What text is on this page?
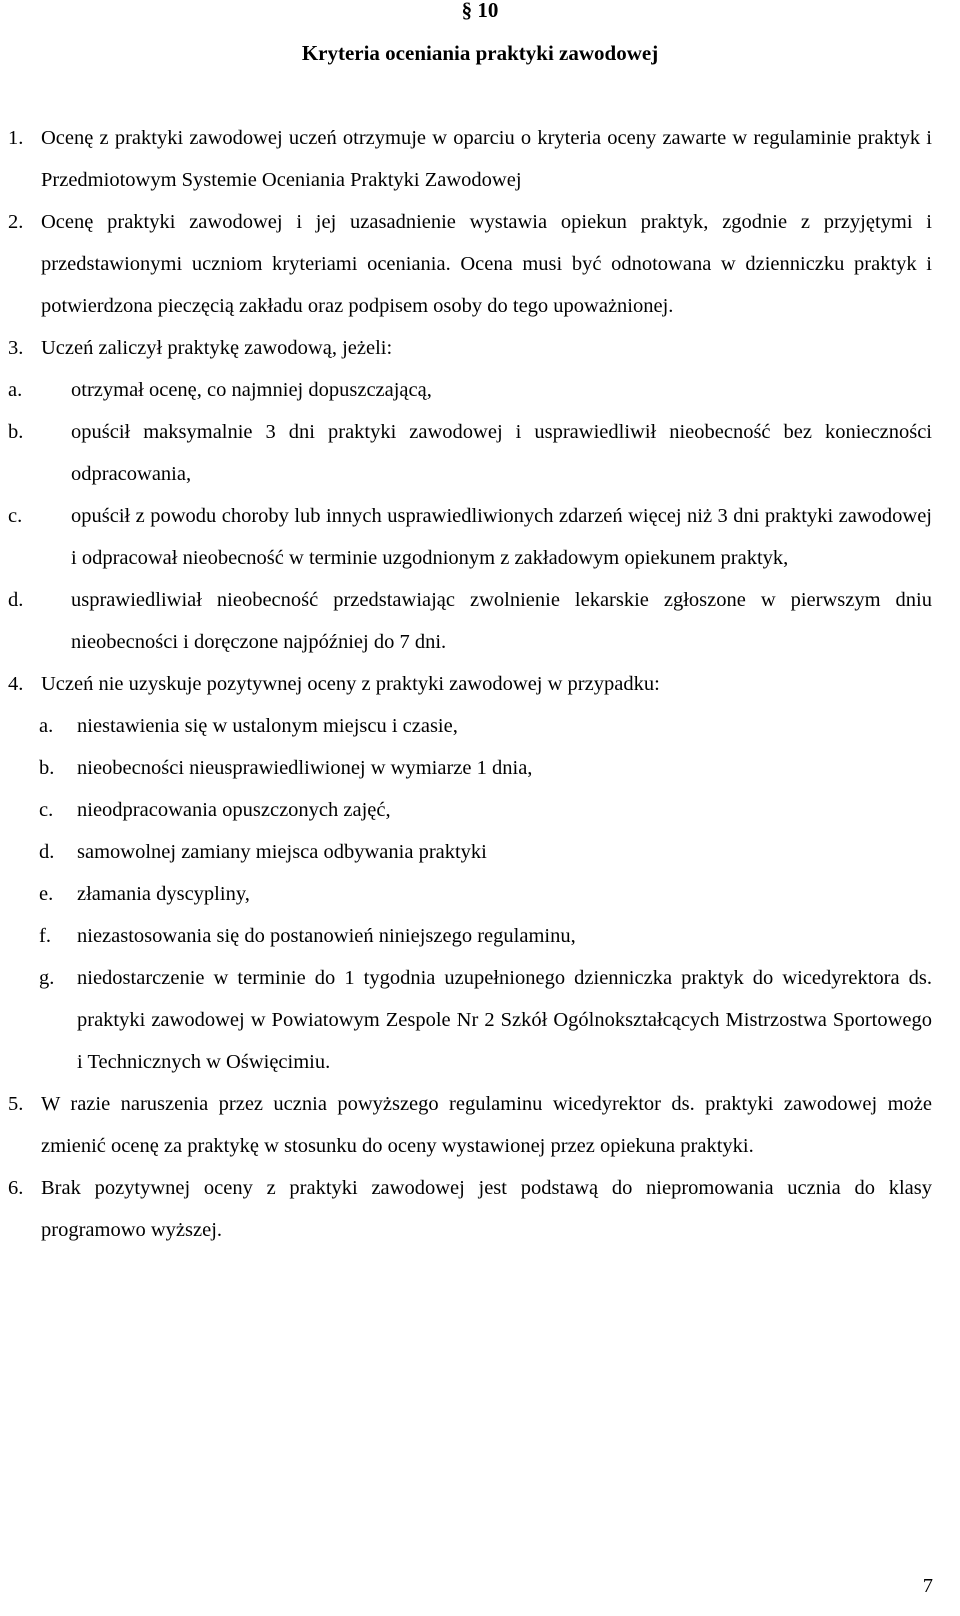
§ 10
Kryteria oceniania praktyki zawodowej
1. Ocenę z praktyki zawodowej uczeń otrzymuje w oparciu o kryteria oceny zawarte w regulaminie praktyk i Przedmiotowym Systemie Oceniania Praktyki Zawodowej
2. Ocenę praktyki zawodowej i jej uzasadnienie wystawia opiekun praktyk, zgodnie z przyjętymi i przedstawionymi uczniom kryteriami oceniania. Ocena musi być odnotowana w dzienniczku praktyk i potwierdzona pieczęcią zakładu oraz podpisem osoby do tego upoważnionej.
3. Uczeń zaliczył praktykę zawodową, jeżeli:
a. otrzymał ocenę, co najmniej dopuszczającą,
b. opuścił maksymalnie 3 dni praktyki zawodowej i usprawiedliwił nieobecność bez konieczności odpracowania,
c. opuścił z powodu choroby lub innych usprawiedliwionych zdarzeń więcej niż 3 dni praktyki zawodowej i odpracował nieobecność w terminie uzgodnionym z zakładowym opiekunem praktyk,
d. usprawiedliwiał nieobecność przedstawiając zwolnienie lekarskie zgłoszone w pierwszym dniu nieobecności i doręczone najpóźniej do 7 dni.
4. Uczeń nie uzyskuje pozytywnej oceny z praktyki zawodowej w przypadku:
a. niestawienia się w ustalonym miejscu i czasie,
b. nieobecności nieusprawiedliwionej w wymiarze 1 dnia,
c. nieodpracowania opuszczonych zajęć,
d. samowolnej zamiany miejsca odbywania praktyki
e. złamania dyscypliny,
f. niezastosowania się do postanowień niniejszego regulaminu,
g. niedostarczenie w terminie do 1 tygodnia uzupełnionego dzienniczka praktyk do wicedyrektora ds. praktyki zawodowej w Powiatowym Zespole Nr 2 Szkół Ogólnokształcących Mistrzostwa Sportowego i Technicznych w Oświęcimiu.
5. W razie naruszenia przez ucznia powyższego regulaminu wicedyrektor ds. praktyki zawodowej może zmienić ocenę za praktykę w stosunku do oceny wystawionej przez opiekuna praktyki.
6. Brak pozytywnej oceny z praktyki zawodowej jest podstawą do niepromowania ucznia do klasy programowo wyższej.
7
